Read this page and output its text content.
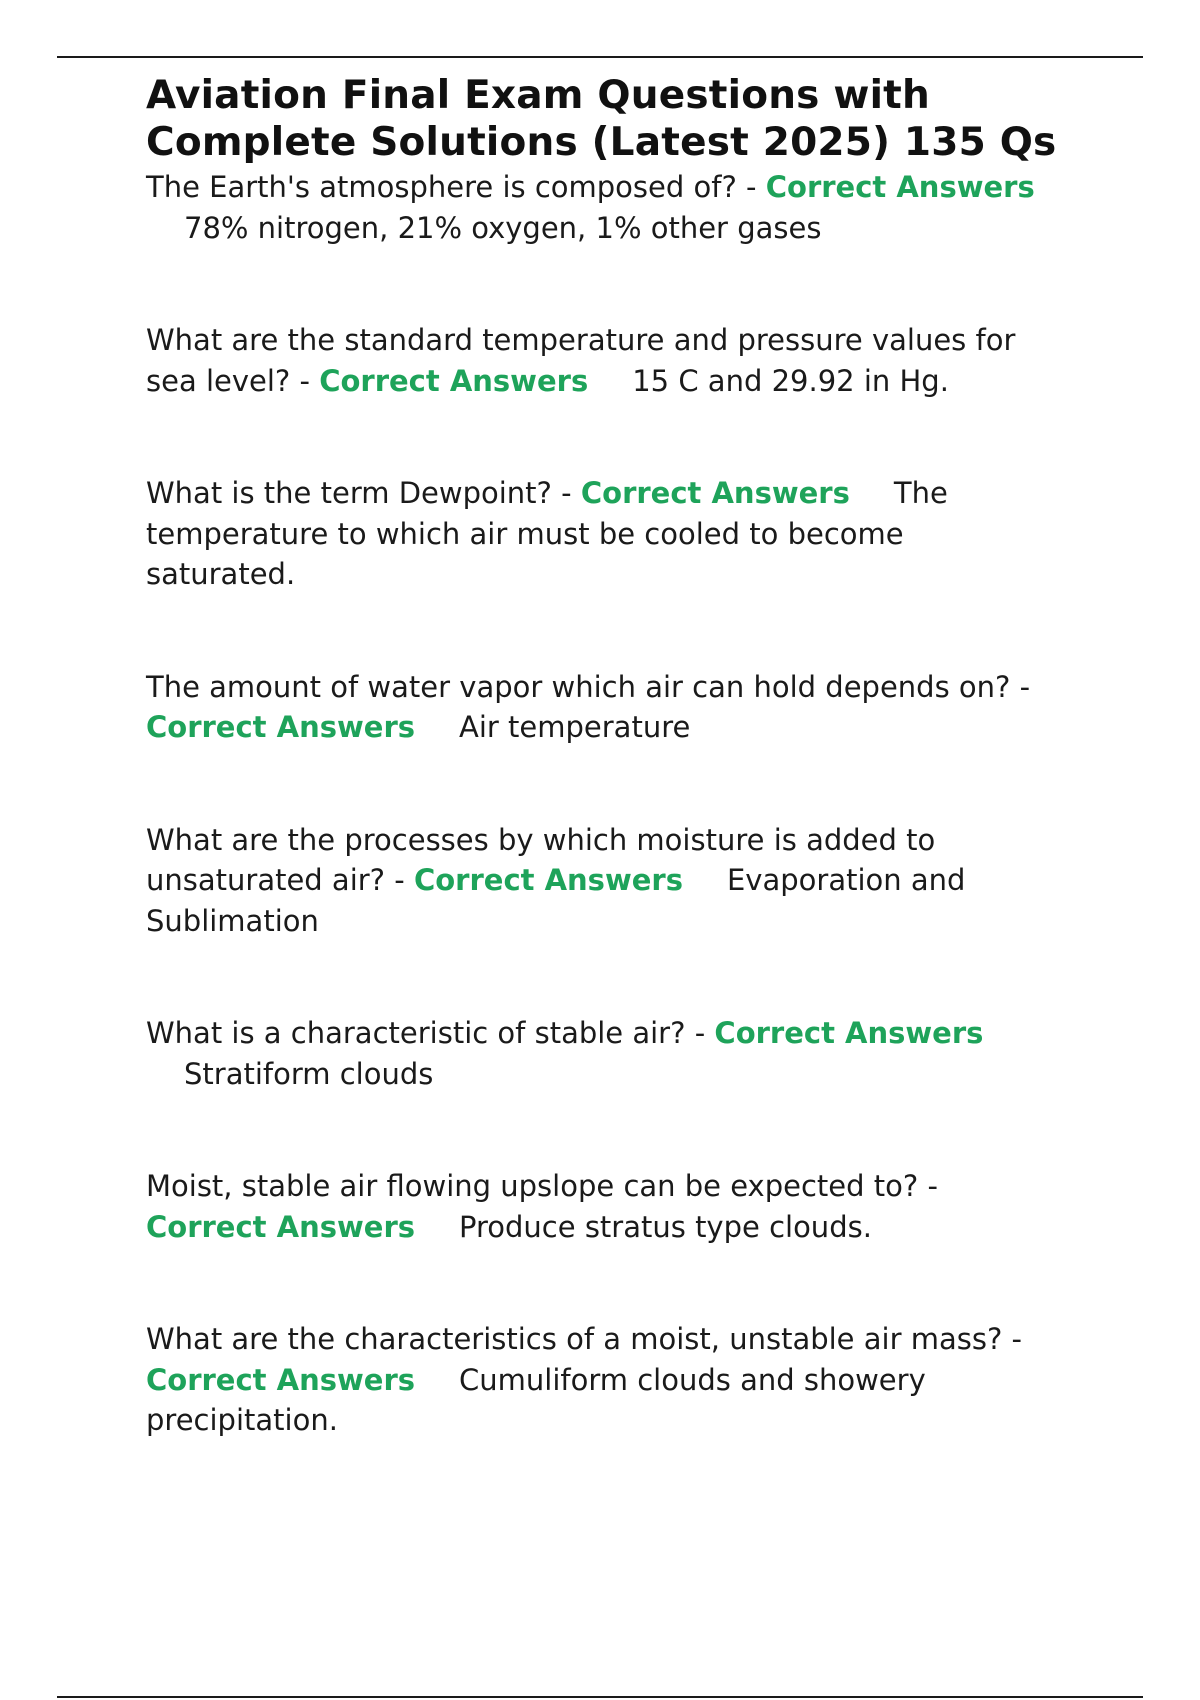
Aviation Final Exam Questions with
Complete Solutions (Latest 2025) 135 Qs
The Earth's atmosphere is composed of? - Correct Answers
78% nitrogen, 21% oxygen, 1% other gases
What are the standard temperature and pressure values for
sea level? - Correct Answers 15 C and 29.92 in Hg.
What is the term Dewpoint? - Correct Answers The
temperature to which air must be cooled to become
saturated.
The amount of water vapor which air can hold depends on? -
Correct Answers Air temperature
What are the processes by which moisture is added to
unsaturated air? - Correct Answers Evaporation and
Sublimation
What is a characteristic of stable air? - Correct Answers
Stratiform clouds
Moist, stable air flowing upslope can be expected to? -
Correct Answers Produce stratus type clouds.
What are the characteristics of a moist, unstable air mass? -
Correct Answers Cumuliform clouds and showery
precipitation.
